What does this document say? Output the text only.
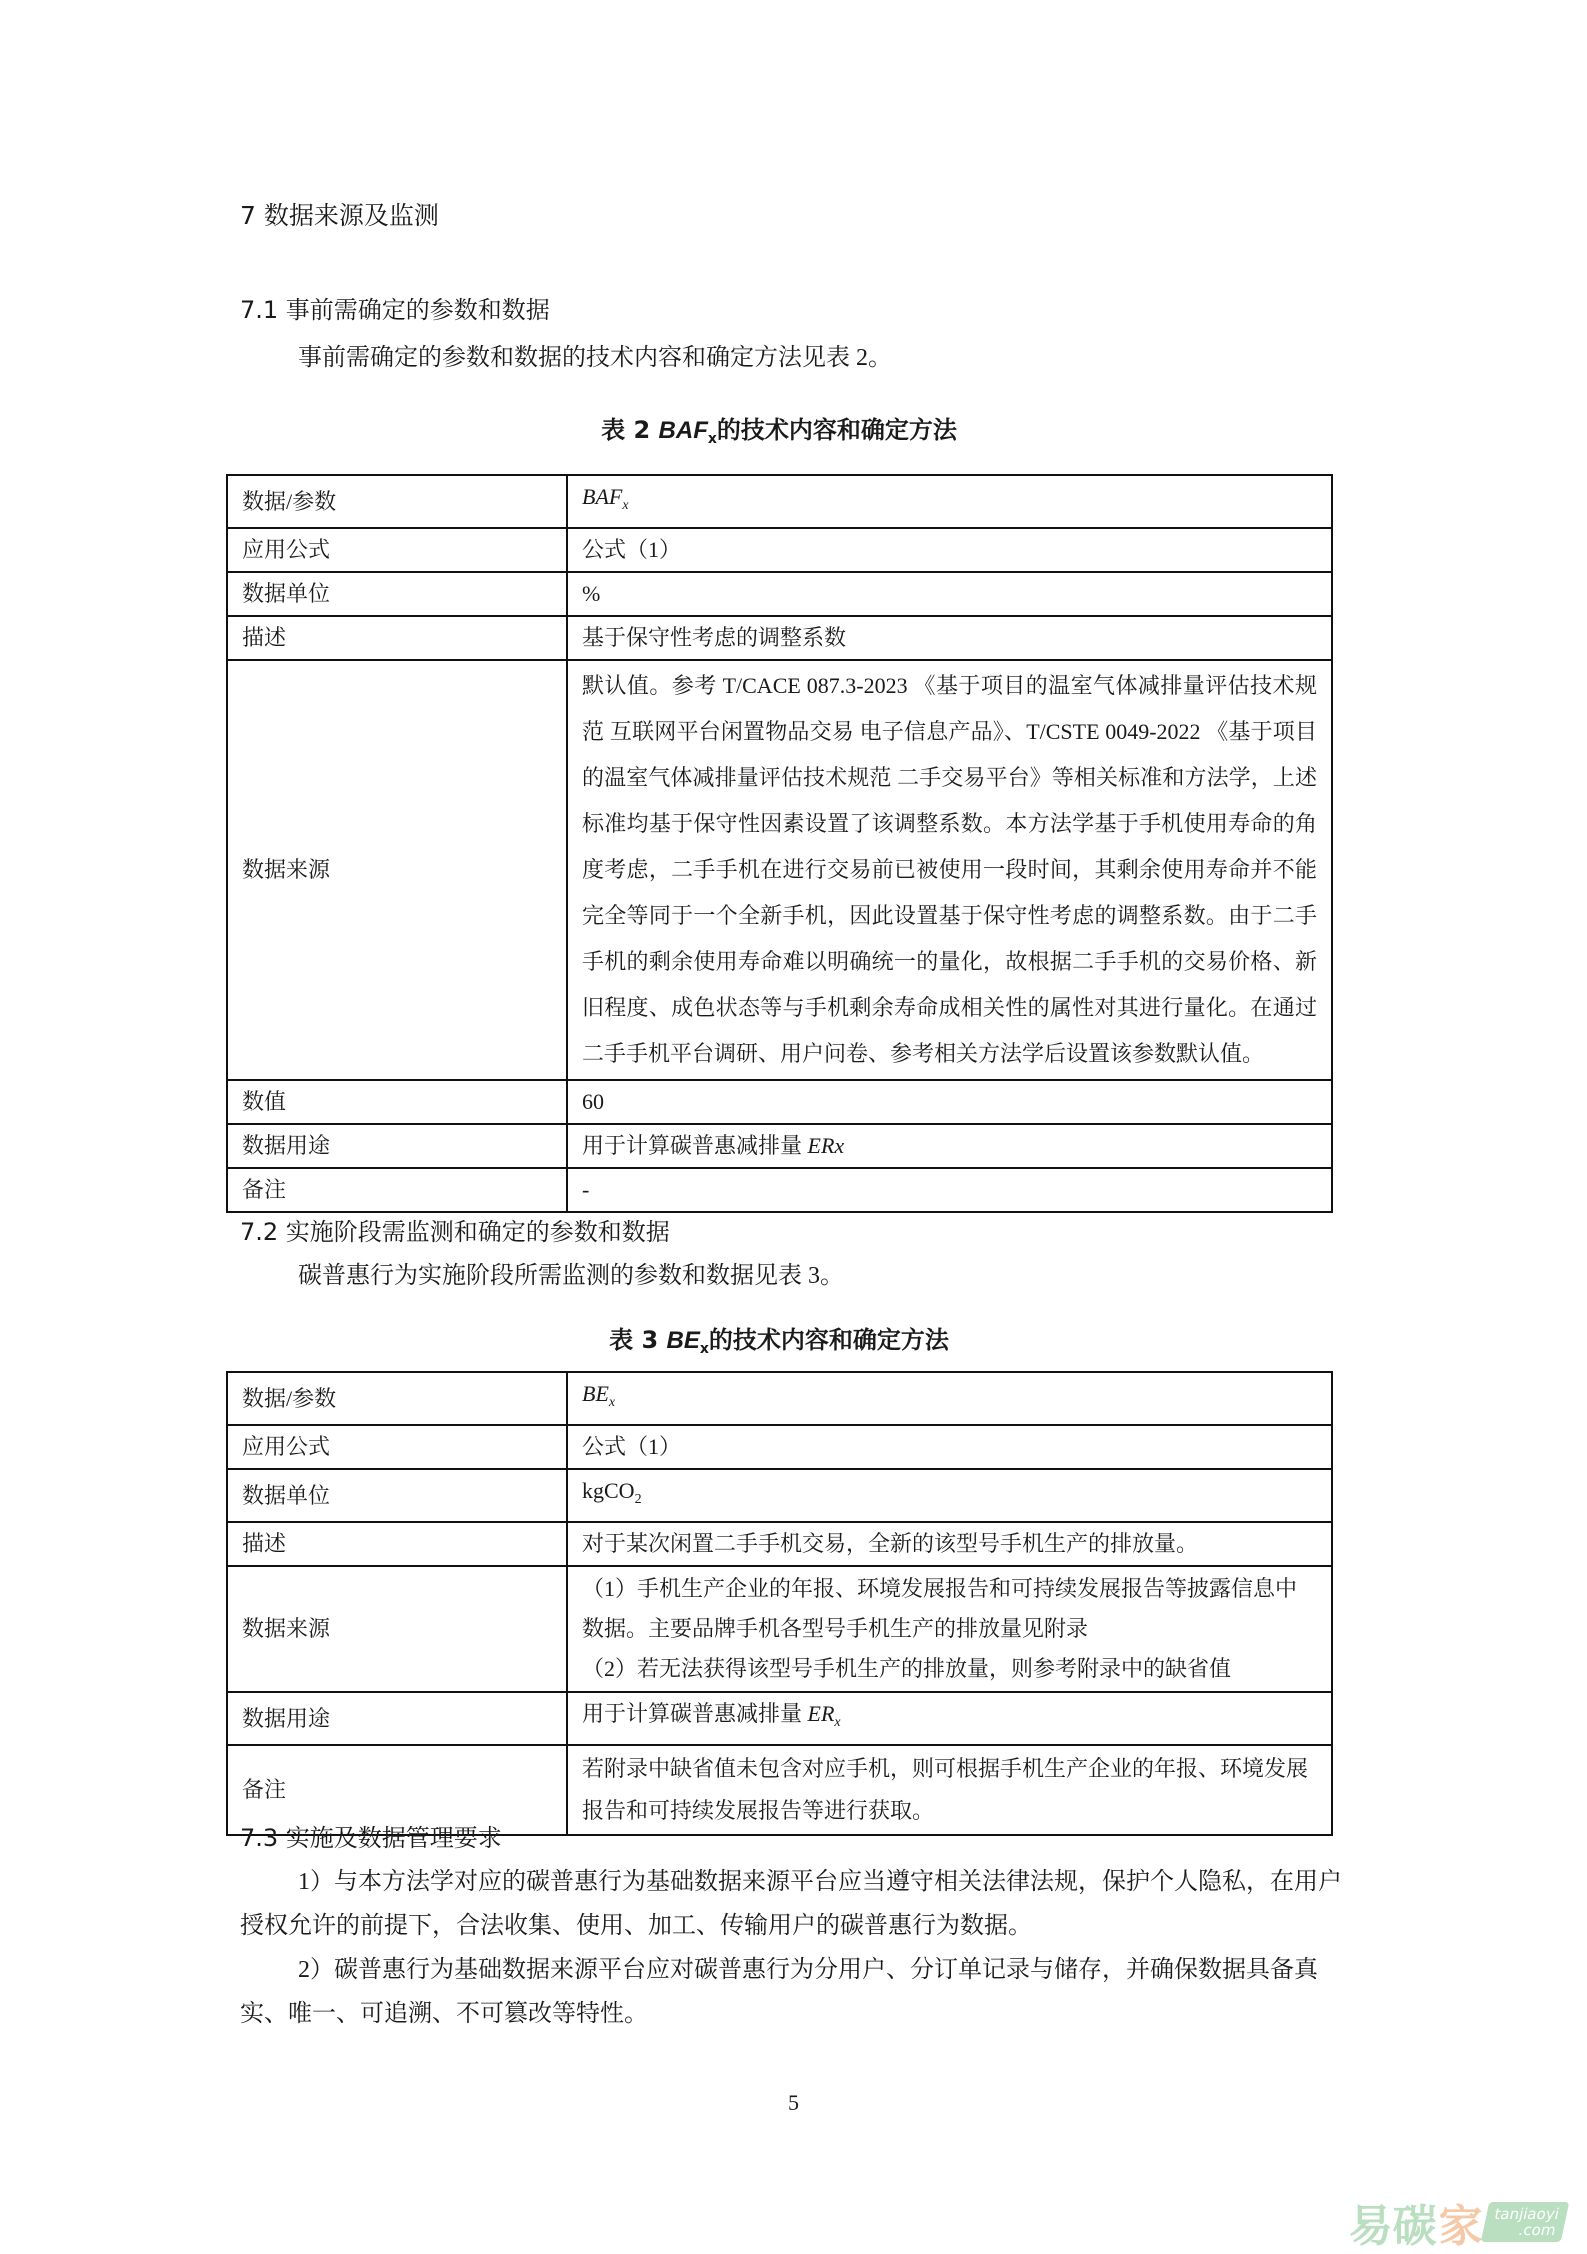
7 数据来源及监测
7.1 事前需确定的参数和数据
事前需确定的参数和数据的技术内容和确定方法见表 2。
表 2 $BAF_x$的技术内容和确定方法
数据/参数	$BAF_x$
应用公式	公式（1）
数据单位	%
描述	基于保守性考虑的调整系数
数据来源	默认值。参考 T/CACE 087.3-2023 《基于项目的温室气体减排量评估技术规范 互联网平台闲置物品交易 电子信息产品》、T/CSTE 0049-2022 《基于项目的温室气体减排量评估技术规范 二手交易平台》等相关标准和方法学，上述标准均基于保守性因素设置了该调整系数。本方法学基于手机使用寿命的角度考虑，二手手机在进行交易前已被使用一段时间，其剩余使用寿命并不能完全等同于一个全新手机，因此设置基于保守性考虑的调整系数。由于二手手机的剩余使用寿命难以明确统一的量化，故根据二手手机的交易价格、新旧程度、成色状态等与手机剩余寿命成相关性的属性对其进行量化。在通过二手手机平台调研、用户问卷、参考相关方法学后设置该参数默认值。
数值	60
数据用途	用于计算碳普惠减排量 ERx
备注	-
7.2 实施阶段需监测和确定的参数和数据
碳普惠行为实施阶段所需监测的参数和数据见表 3。
表 3 $BE_x$的技术内容和确定方法
数据/参数	$BE_x$
应用公式	公式（1）
数据单位	kgCO$_2$
描述	对于某次闲置二手手机交易，全新的该型号手机生产的排放量。
数据来源	（1）手机生产企业的年报、环境发展报告和可持续发展报告等披露信息中数据。主要品牌手机各型号手机生产的排放量见附录
（2）若无法获得该型号手机生产的排放量，则参考附录中的缺省值

数据用途	用于计算碳普惠减排量 $ER_x$
备注	若附录中缺省值未包含对应手机，则可根据手机生产企业的年报、环境发展报告和可持续发展报告等进行获取。
7.3 实施及数据管理要求
1）与本方法学对应的碳普惠行为基础数据来源平台应当遵守相关法律法规，保护个人隐私，在用户授权允许的前提下，合法收集、使用、加工、传输用户的碳普惠行为数据。
2）碳普惠行为基础数据来源平台应对碳普惠行为分用户、分订单记录与储存，并确保数据具备真实、唯一、可追溯、不可篡改等特性。
5
易碳 家 tanjiaoyi
.com
